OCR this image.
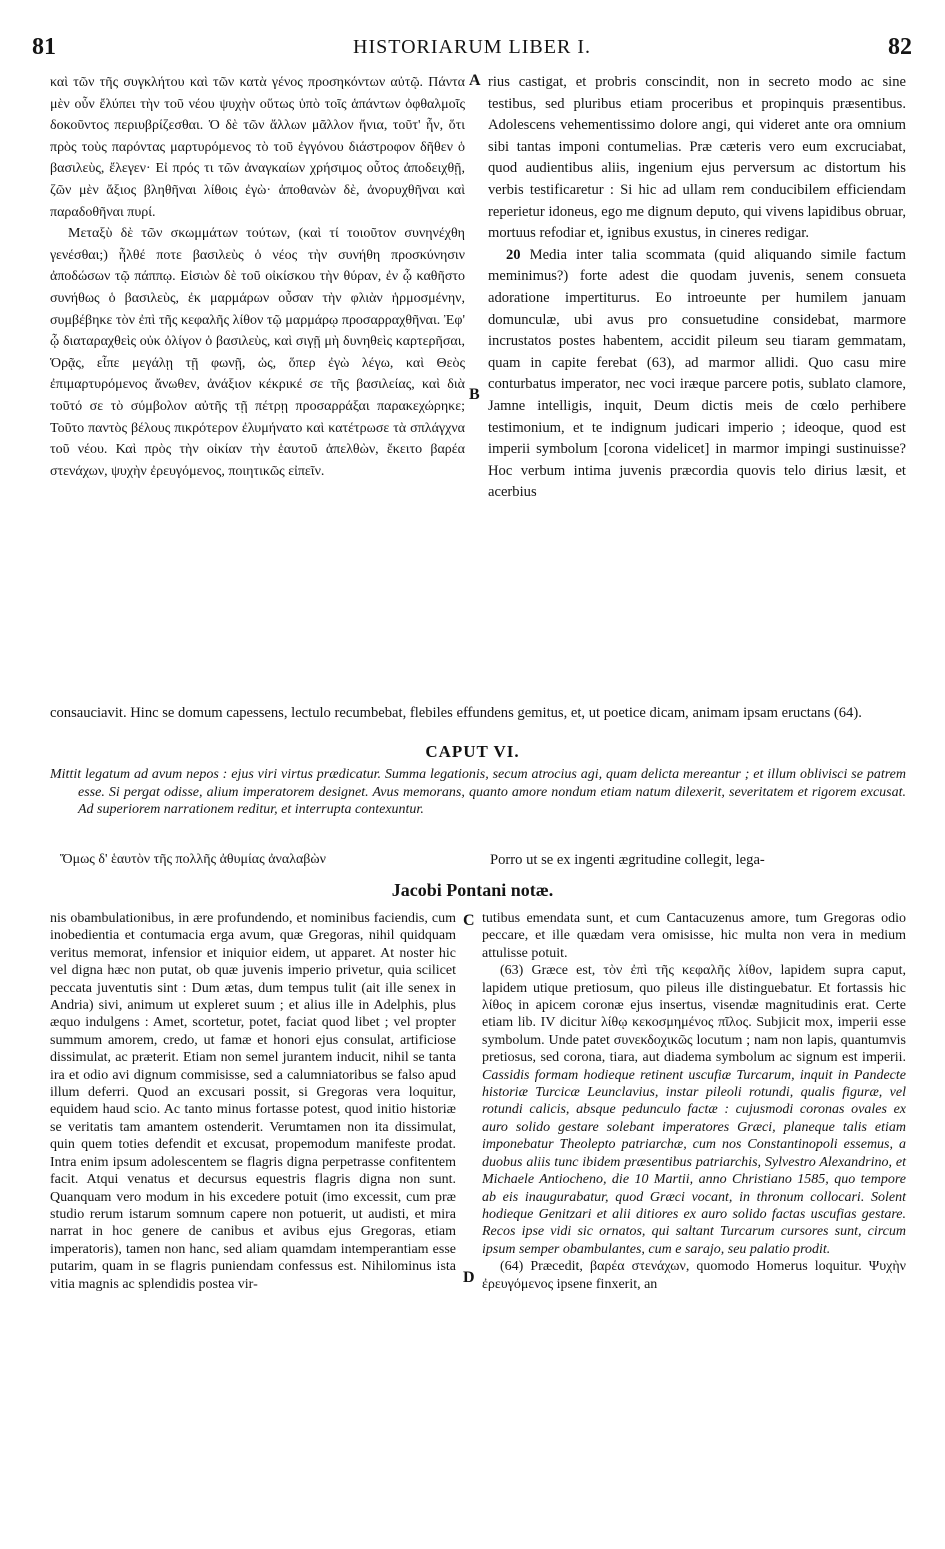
81	HISTORIARUM LIBER I.	82
A
B
C
D

καὶ τῶν τῆς συγκλήτου καὶ τῶν κατὰ γένος προσηκόντων αὐτῷ. Πάντα μὲν οὖν ἔλύπει τὴν τοῦ νέου ψυχὴν οὕτως ὑπὸ τοῖς ἁπάντων ὀφθαλμοῖς δοκοῦντος περιυβρίζεσθαι. Ὁ δὲ τῶν ἄλλων μᾶλλον ἤνια, τοῦτ' ἦν, ὅτι πρὸς τοὺς παρόντας μαρτυρόμενος τὸ τοῦ ἐγγόνου διάστροφον δῆθεν ὁ βασιλεὺς, ἔλεγεν· Εἰ πρός τι τῶν ἀναγκαίων χρήσιμος οὗτος ἀποδειχθῇ, ζῶν μὲν ἄξιος βληθῆναι λίθοις ἐγὼ· ἀποθανὼν δὲ, ἀνορυχθῆναι καὶ παραδοθῆναι πυρί.

Μεταξὺ δὲ τῶν σκωμμάτων τούτων, (καὶ τί τοιοῦτον συνηνέχθη γενέσθαι;) ἦλθέ ποτε βασιλεὺς ὁ νέος τὴν συνήθη προσκύνησιν ἀποδώσων τῷ πάππῳ. Εἰσιὼν δὲ τοῦ οἰκίσκου τὴν θύραν, ἐν ᾧ καθῆστο συνήθως ὁ βασιλεὺς, ἐκ μαρμάρων οὖσαν τὴν φλιὰν ἡρμοσμένην, συμβέβηκε τὸν ἐπὶ τῆς κεφαλῆς λίθον τῷ μαρμάρῳ προσαρραχθῆναι. Ἐφ' ᾧ διαταραχθεὶς οὐκ ὀλίγον ὁ βασιλεὺς, καὶ σιγῇ μὴ δυνηθεὶς καρτερῆσαι, Ὁρᾷς, εἶπε μεγάλῃ τῇ φωνῇ, ὡς, ὅπερ ἐγὼ λέγω, καὶ Θεὸς ἐπιμαρτυρόμενος ἄνωθεν, ἀνάξιον κέκρικέ σε τῆς βασιλείας, καὶ διὰ τοῦτό σε τὸ σύμβολον αὐτῆς τῇ πέτρῃ προσαρράξαι παρακεχώρηκε; Τοῦτο παντὸς βέλους πικρότερον ἐλυμήνατο καὶ κατέτρωσε τὰ σπλάγχνα τοῦ νέου. Καὶ πρὸς τὴν οἰκίαν τὴν ἑαυτοῦ ἀπελθὼν, ἔκειτο βαρέα στενάχων, ψυχὴν ἐρευγόμενος, ποιητικῶς εἰπεῖν.

rius castigat, et probris conscindit, non in secreto modo ac sine testibus, sed pluribus etiam proceribus et propinquis præsentibus. Adolescens vehementissimo dolore angi, qui videret ante ora omnium sibi tantas imponi contumelias. Præ cæteris vero eum excruciabat, quod audientibus aliis, ingenium ejus perversum ac distortum his verbis testificaretur : Si hic ad ullam rem conducibilem efficiendam reperietur idoneus, ego me dignum deputo, qui vivens lapidibus obruar, mortuus refodiar et, ignibus exustus, in cineres redigar.

20 Media inter talia scommata (quid aliquando simile factum meminimus?) forte adest die quodam juvenis, senem consueta adoratione impertiturus. Eo introeunte per humilem januam domunculæ, ubi avus pro consuetudine considebat, marmore incrustatos postes habentem, accidit pileum seu tiaram gemmatam, quam in capite ferebat (63), ad marmor allidi. Quo casu mire conturbatus imperator, nec voci iræque parcere potis, sublato clamore, Jamne intelligis, inquit, Deum dictis meis de cœlo perhibere testimonium, et te indignum judicari imperio ; ideoque, quod est imperii symbolum [corona videlicet] in marmor impingi sustinuisse? Hoc verbum intima juvenis præcordia quovis telo dirius læsit, et acerbius

consauciavit. Hinc se domum capessens, lectulo recumbebat, flebiles effundens gemitus, et, ut poetice dicam, animam ipsam eructans (64).

CAPUT VI.

Mittit legatum ad avum nepos : ejus viri virtus prædicatur. Summa legationis, secum atrocius agi, quam delicta mereantur ; et illum oblivisci se patrem esse. Si pergat odisse, alium imperatorem designet. Avus memorans, quanto amore nondum etiam natum dilexerit, severitatem et rigorem excusat. Ad superiorem narrationem reditur, et interrupta contexuntur.

Ὅμως δ' ἑαυτὸν τῆς πολλῆς ἀθυμίας ἀναλαβὼν	Porro ut se ex ingenti ægritudine collegit, lega-
Jacobi Pontani notæ.

nis obambulationibus, in ære profundendo, et nominibus faciendis, cum inobedientia et contumacia erga avum, quæ Gregoras, nihil quidquam veritus memorat, infensior et iniquior eidem, ut apparet. At noster hic vel digna hæc non putat, ob quæ juvenis imperio privetur, quia scilicet peccata juventutis sint : Dum ætas, dum tempus tulit (ait ille senex in Andria) sivi, animum ut expleret suum ; et alius ille in Adelphis, plus æquo indulgens : Amet, scortetur, potet, faciat quod libet ; vel propter summum amorem, credo, ut famæ et honori ejus consulat, artificiose dissimulat, ac præterit. Etiam non semel jurantem inducit, nihil se tanta ira et odio avi dignum commisisse, sed a calumniatoribus se falso apud illum deferri. Quod an excusari possit, si Gregoras vera loquitur, equidem haud scio. Ac tanto minus fortasse potest, quod initio historiæ se veritatis tam amantem ostenderit. Verumtamen non ita dissimulat, quin quem toties defendit et excusat, propemodum manifeste prodat. Intra enim ipsum adolescentem se flagris digna perpetrasse confitentem facit. Atqui venatus et decursus equestris flagris digna non sunt. Quanquam vero modum in his excedere potuit (imo excessit, cum præ studio rerum istarum somnum capere non potuerit, ut audisti, et mira narrat in hoc genere de canibus et avibus ejus Gregoras, etiam imperatoris), tamen non hanc, sed aliam quamdam intemperantiam esse putarim, quam in se flagris puniendam confessus est. Nihilominus ista vitia magnis ac splendidis postea vir-

tutibus emendata sunt, et cum Cantacuzenus amore, tum Gregoras odio peccare, et ille quædam vera omisisse, hic multa non vera in medium attulisse potuit.

(63) Græce est, τὸν ἐπὶ τῆς κεφαλῆς λίθον, lapidem supra caput, lapidem utique pretiosum, quo pileus ille distinguebatur. Et fortassis hic λίθος in apicem coronæ ejus insertus, visendæ magnitudinis erat. Certe etiam lib. IV dicitur λίθῳ κεκοσμημένος πῖλος. Subjicit mox, imperii esse symbolum. Unde patet συνεκδοχικῶς locutum ; nam non lapis, quantumvis pretiosus, sed corona, tiara, aut diadema symbolum ac signum est imperii. Cassidis formam hodieque retinent uscufiæ Turcarum, inquit in Pandecte historiæ Turcicæ Leunclavius, instar pileoli rotundi, qualis figuræ, vel rotundi calicis, absque pedunculo factæ : cujusmodi coronas ovales ex auro solido gestare solebant imperatores Græci, planeque talis etiam imponebatur Theolepto patriarchæ, cum nos Constantinopoli essemus, a duobus aliis tunc ibidem præsentibus patriarchis, Sylvestro Alexandrino, et Michaele Antiocheno, die 10 Martii, anno Christiano 1585, quo tempore ab eis inaugurabatur, quod Græci vocant, in thronum collocari. Solent hodieque Genitzari et alii ditiores ex auro solido factas uscufias gestare. Recos ipse vidi sic ornatos, qui saltant Turcarum cursores sunt, circum ipsum semper obambulantes, cum e sarajo, seu palatio prodit.

(64) Præcedit, βαρέα στενάχων, quomodo Homerus loquitur. Ψυχὴν ἐρευγόμενος ipsene finxerit, an
